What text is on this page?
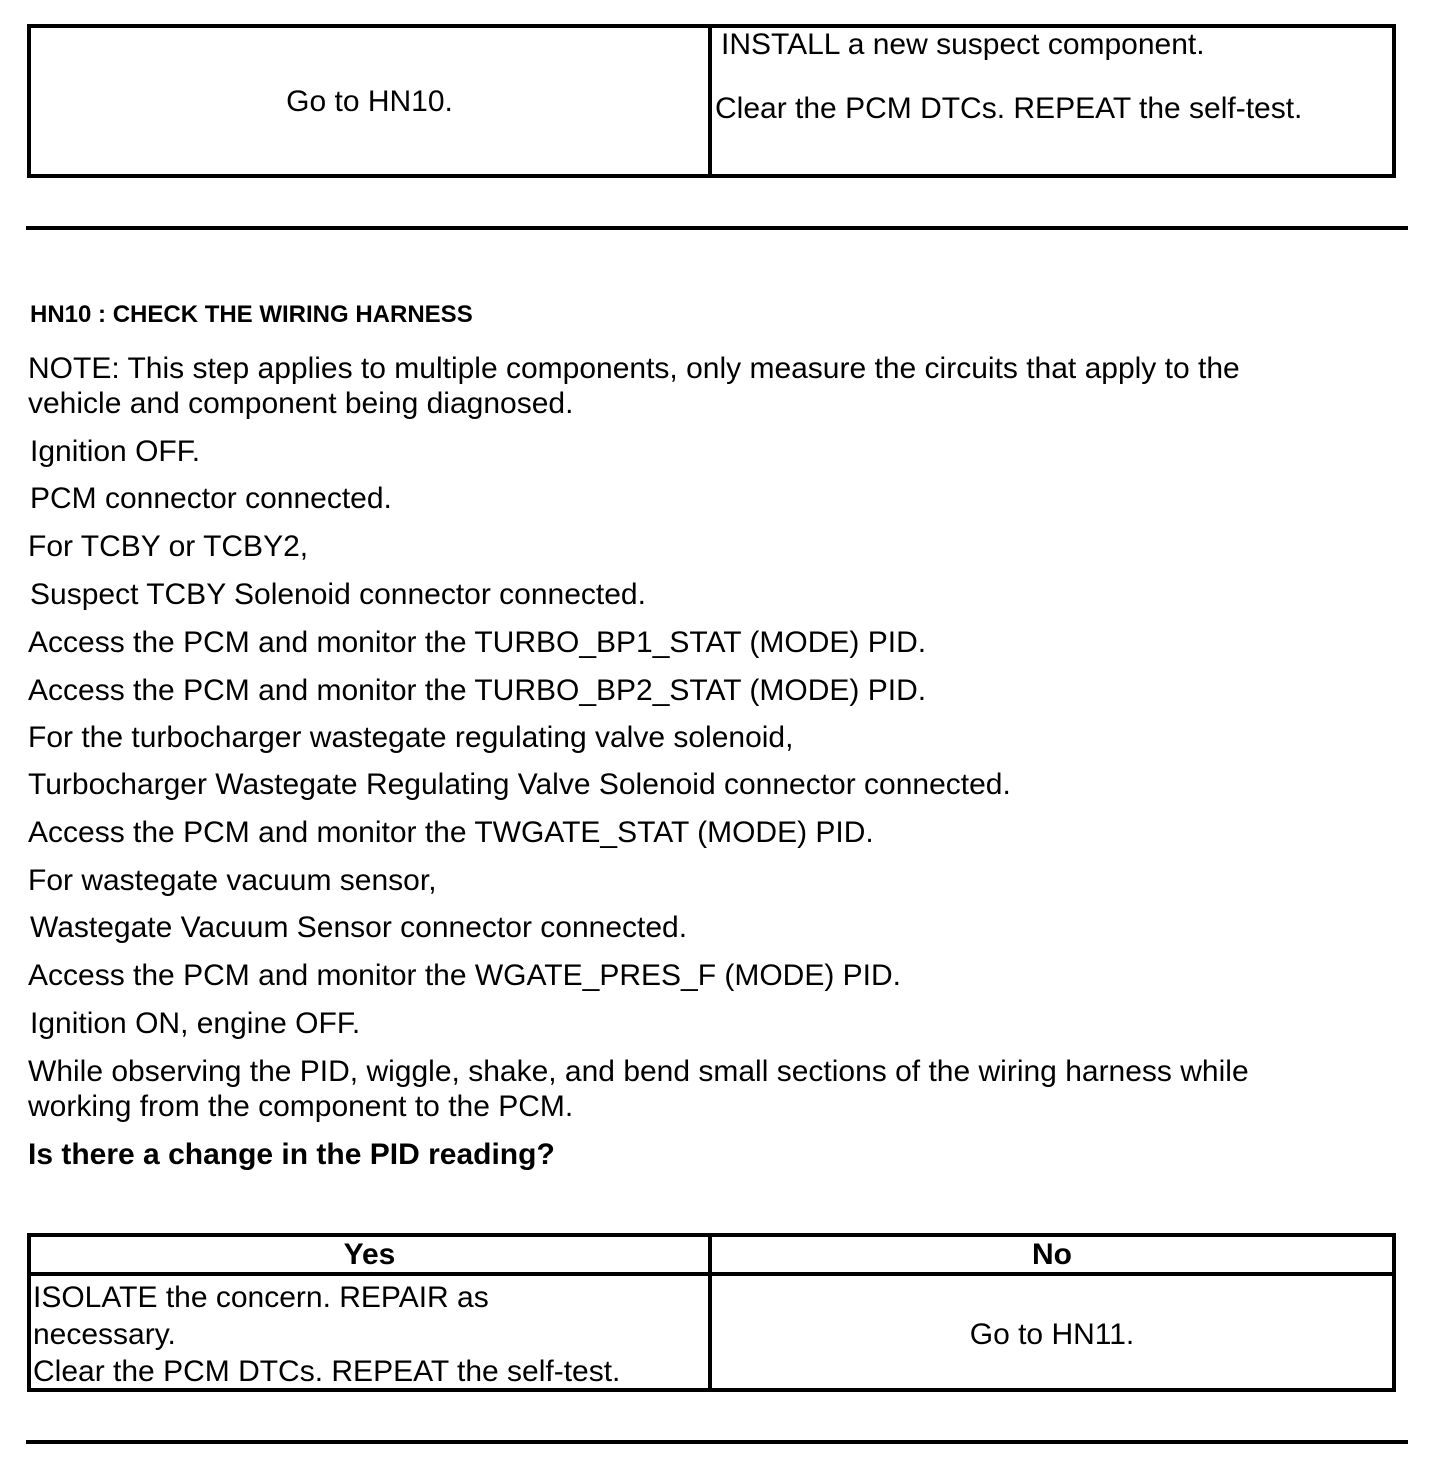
Go to HN10.
INSTALL a new suspect component.
Clear the PCM DTCs. REPEAT the self-test.
HN10 : CHECK THE WIRING HARNESS
NOTE: This step applies to multiple components, only measure the circuits that apply to the
vehicle and component being diagnosed.
Ignition OFF.
PCM connector connected.
For TCBY or TCBY2,
Suspect TCBY Solenoid connector connected.
Access the PCM and monitor the TURBO_BP1_STAT (MODE) PID.
Access the PCM and monitor the TURBO_BP2_STAT (MODE) PID.
For the turbocharger wastegate regulating valve solenoid,
Turbocharger Wastegate Regulating Valve Solenoid connector connected.
Access the PCM and monitor the TWGATE_STAT (MODE) PID.
For wastegate vacuum sensor,
Wastegate Vacuum Sensor connector connected.
Access the PCM and monitor the WGATE_PRES_F (MODE) PID.
Ignition ON, engine OFF.
While observing the PID, wiggle, shake, and bend small sections of the wiring harness while
working from the component to the PCM.
Is there a change in the PID reading?
Yes	No
ISOLATE the concern. REPAIR as
necessary.
Clear the PCM DTCs. REPEAT the self-test.
Go to HN11.
